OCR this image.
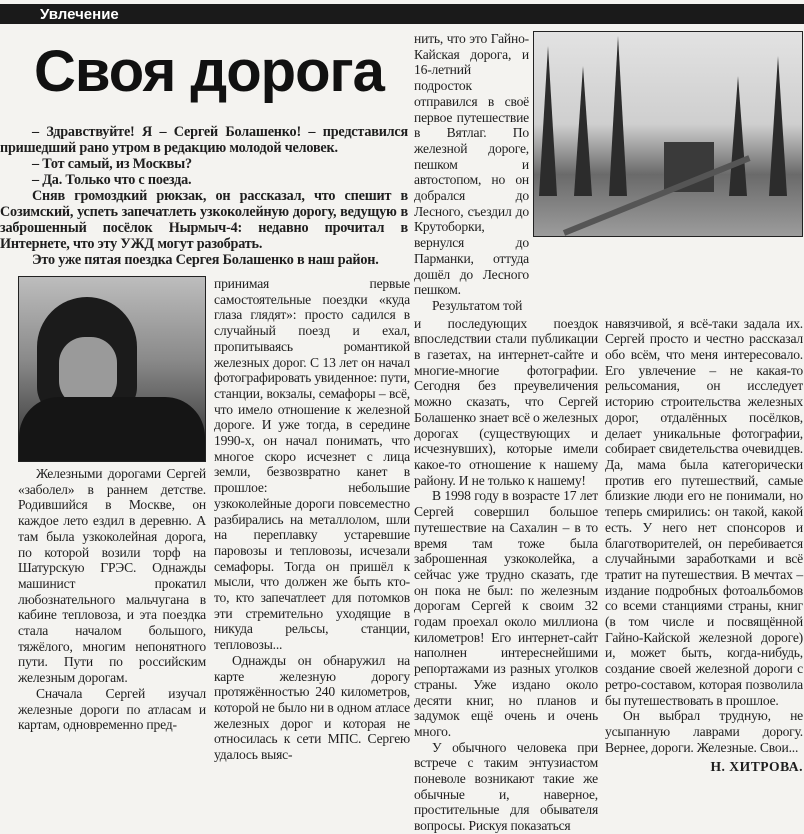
Увлечение
Своя дорога

– Здравствуйте! Я – Сергей Болашенко! – представился пришедший рано утром в редакцию молодой человек.

– Тот самый, из Москвы?

– Да. Только что с поезда.

Сняв громоздкий рюкзак, он рассказал, что спешит в Созимский, успеть запечатлеть узкоколейную дорогу, ведущую в заброшенный посёлок Нырмыч-4: недавно прочитал в Интернете, что эту УЖД могут разобрать.

Это уже пятая поездка Сергея Болашенко в наш район.

Железными дорогами Сергей «заболел» в раннем детстве. Родившийся в Москве, он каждое лето ездил в деревню. А там была узкоколейная дорога, по которой возили торф на Шатурскую ГРЭС. Однажды машинист прокатил любознательного мальчугана в кабине тепловоза, и эта поездка стала началом большого, тяжёлого, многим непонятного пути. Пути по российским железным дорогам.

Сначала Сергей изучал железные дороги по атласам и картам, одновременно пред-

принимая первые самостоятельные поездки «куда глаза глядят»: просто садился в случайный поезд и ехал, пропитываясь романтикой железных дорог. С 13 лет он начал фотографировать увиденное: пути, станции, вокзалы, семафоры – всё, что имело отношение к железной дороге. И уже тогда, в середине 1990-х, он начал понимать, что многое скоро исчезнет с лица земли, безвозвратно канет в прошлое: небольшие узкоколейные дороги повсеместно разбирались на металлолом, шли на переплавку устаревшие паровозы и тепловозы, исчезали семафоры. Тогда он пришёл к мысли, что должен же быть кто-то, кто запечатлеет для потомков эти стремительно уходящие в никуда рельсы, станции, тепловозы...

Однажды он обнаружил на карте железную дорогу протяжённостью 240 километров, которой не было ни в одном атласе железных дорог и которая не относилась к сети МПС. Сергею удалось выяс-

нить, что это Гайно-Кайская дорога, и 16-летний подросток отправился в своё первое путешествие в Вятлаг. По железной дороге, пешком и автостопом, но он добрался до Лесного, съездил до Крутоборки, вернулся до Парманки, оттуда дошёл до Лесного пешком.

Результатом той

и последующих поездок впоследствии стали публикации в газетах, на интернет-сайте и многие-многие фотографии. Сегодня без преувеличения можно сказать, что Сергей Болашенко знает всё о железных дорогах (существующих и исчезнувших), которые имели какое-то отношение к нашему району. И не только к нашему!

В 1998 году в возрасте 17 лет Сергей совершил большое путешествие на Сахалин – в то время там тоже была заброшенная узкоколейка, а сейчас уже трудно сказать, где он пока не был: по железным дорогам Сергей к своим 32 годам проехал около миллиона километров! Его интернет-сайт наполнен интереснейшими репортажами из разных уголков страны. Уже издано около десяти книг, но планов и задумок ещё очень и очень много.

У обычного человека при встрече с таким энтузиастом поневоле возникают такие же обычные и, наверное, простительные для обывателя вопросы. Рискуя показаться

навязчивой, я всё-таки задала их. Сергей просто и честно рассказал обо всём, что меня интересовало. Его увлечение – не какая-то рельсомания, он исследует историю строительства железных дорог, отдалённых посёлков, делает уникальные фотографии, собирает свидетельства очевидцев. Да, мама была категорически против его путешествий, самые близкие люди его не понимали, но теперь смирились: он такой, какой есть. У него нет спонсоров и благотворителей, он перебивается случайными заработками и всё тратит на путешествия. В мечтах – издание подробных фотоальбомов со всеми станциями страны, книг (в том числе и посвящённой Гайно-Кайской железной дороге) и, может быть, когда-нибудь, создание своей железной дороги с ретро-составом, которая позволила бы путешествовать в прошлое.

Он выбрал трудную, не усыпанную лаврами дорогу. Вернее, дороги. Железные. Свои...

Н. ХИТРОВА.
